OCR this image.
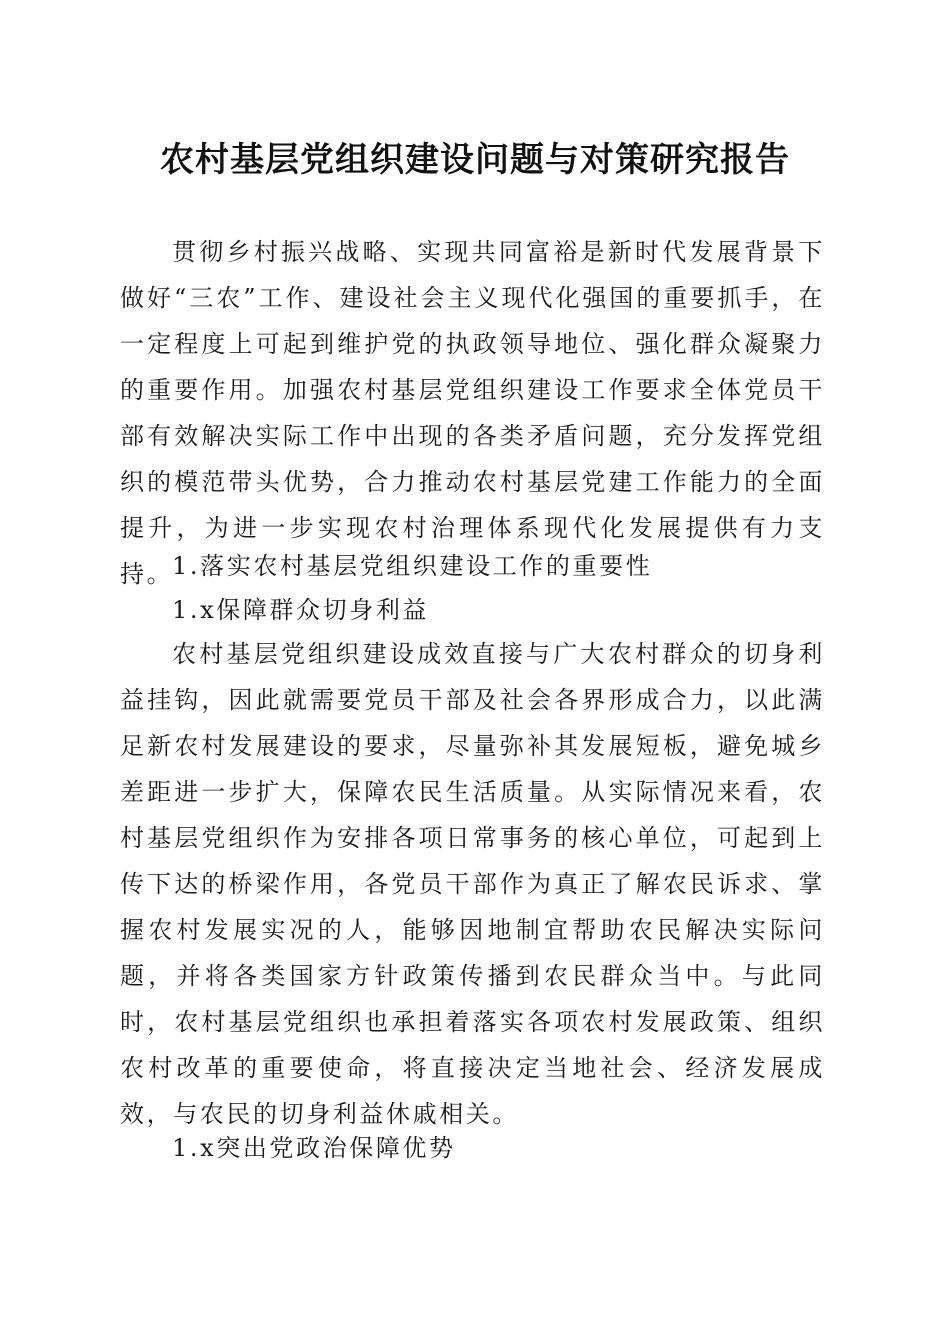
农村基层党组织建设问题与对策研究报告

贯彻乡村振兴战略、实现共同富裕是新时代发展背景下做好“三农”工作、建设社会主义现代化强国的重要抓手，在一定程度上可起到维护党的执政领导地位、强化群众凝聚力的重要作用。加强农村基层党组织建设工作要求全体党员干部有效解决实际工作中出现的各类矛盾问题，充分发挥党组织的模范带头优势，合力推动农村基层党建工作能力的全面提升，为进一步实现农村治理体系现代化发展提供有力支持。

1.落实农村基层党组织建设工作的重要性

1.x保障群众切身利益

农村基层党组织建设成效直接与广大农村群众的切身利益挂钩，因此就需要党员干部及社会各界形成合力，以此满足新农村发展建设的要求，尽量弥补其发展短板，避免城乡差距进一步扩大，保障农民生活质量。从实际情况来看，农村基层党组织作为安排各项日常事务的核心单位，可起到上传下达的桥梁作用，各党员干部作为真正了解农民诉求、掌握农村发展实况的人，能够因地制宜帮助农民解决实际问题，并将各类国家方针政策传播到农民群众当中。与此同时，农村基层党组织也承担着落实各项农村发展政策、组织农村改革的重要使命，将直接决定当地社会、经济发展成效，与农民的切身利益休戚相关。

1.x突出党政治保障优势
